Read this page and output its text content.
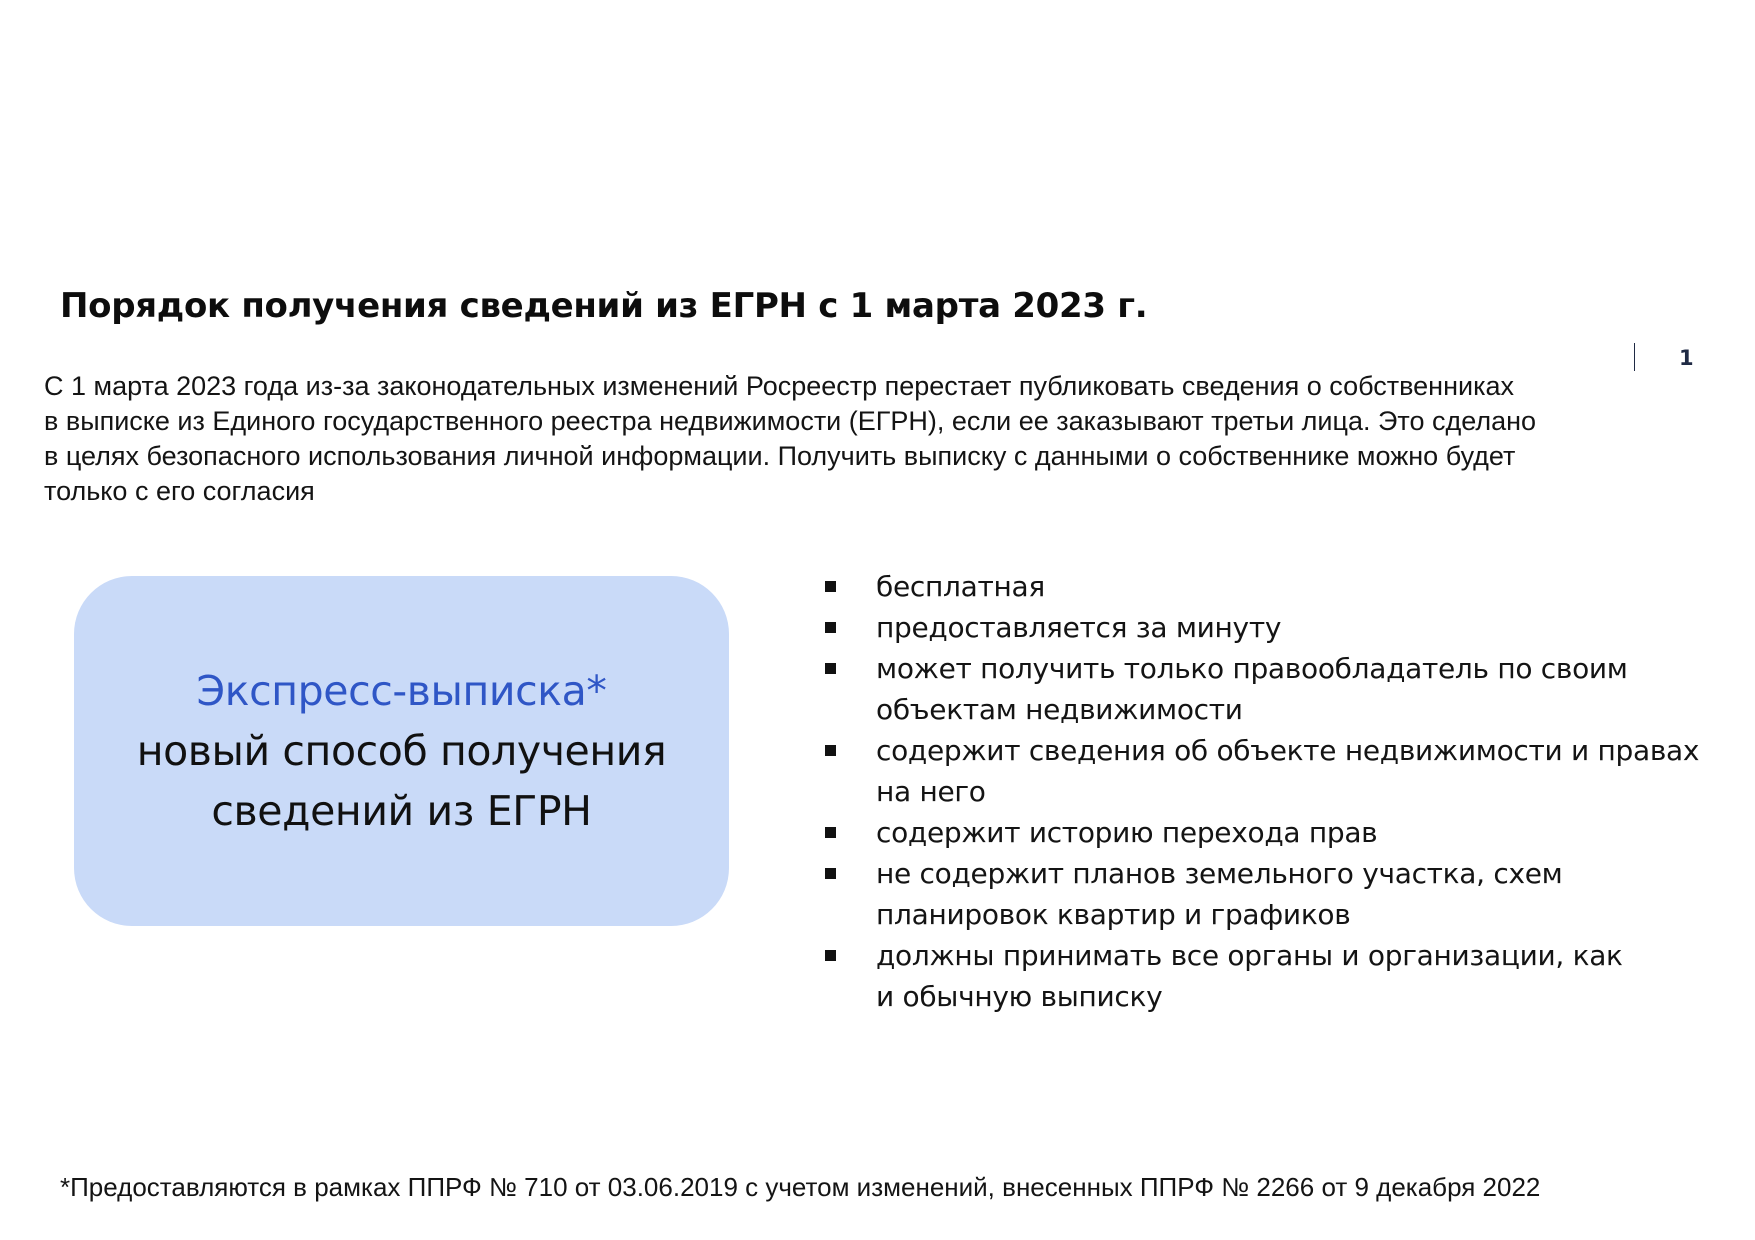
Порядок получения сведений из ЕГРН с 1 марта 2023 г.
1

С 1 марта 2023 года из-за законодательных изменений Росреестр перестает публиковать сведения о собственниках

в выписке из Единого государственного реестра недвижимости (ЕГРН), если ее заказывают третьи лица. Это сделано

в целях безопасного использования личной информации. Получить выписку с данными о собственнике можно будет

только с его согласия

Экспресс-выписка*
новый способ получения
сведений из ЕГРН
бесплатная
предоставляется за минуту
может получить только правообладатель по своим
объектам недвижимости
содержит сведения об объекте недвижимости и правах
на него
содержит историю перехода прав
не содержит планов земельного участка, схем
планировок квартир и графиков
должны принимать все органы и организации, как
и обычную выписку
*Предоставляются в рамках ППРФ № 710 от 03.06.2019 с учетом изменений, внесенных ППРФ № 2266 от 9 декабря 2022
